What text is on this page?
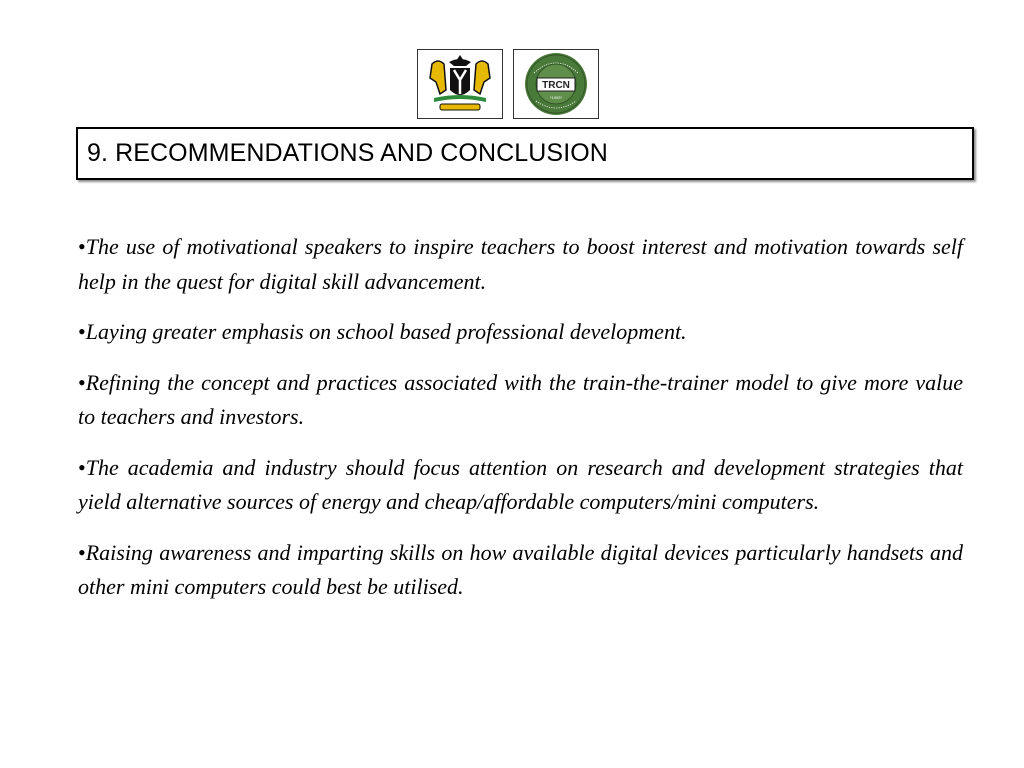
TRCN
*1993*
9. RECOMMENDATIONS AND CONCLUSION

•The use of motivational speakers to inspire teachers to boost interest and motivation towards self help in the quest for digital skill advancement.

•Laying greater emphasis on school based professional development.

•Refining the concept and practices associated with the train-the-trainer model to give more value to teachers and investors.

•The academia and industry should focus attention on research and development strategies that yield alternative sources of energy and cheap/affordable computers/mini computers.

•Raising awareness and imparting skills on how available digital devices particularly handsets and other mini computers could best be utilised.
